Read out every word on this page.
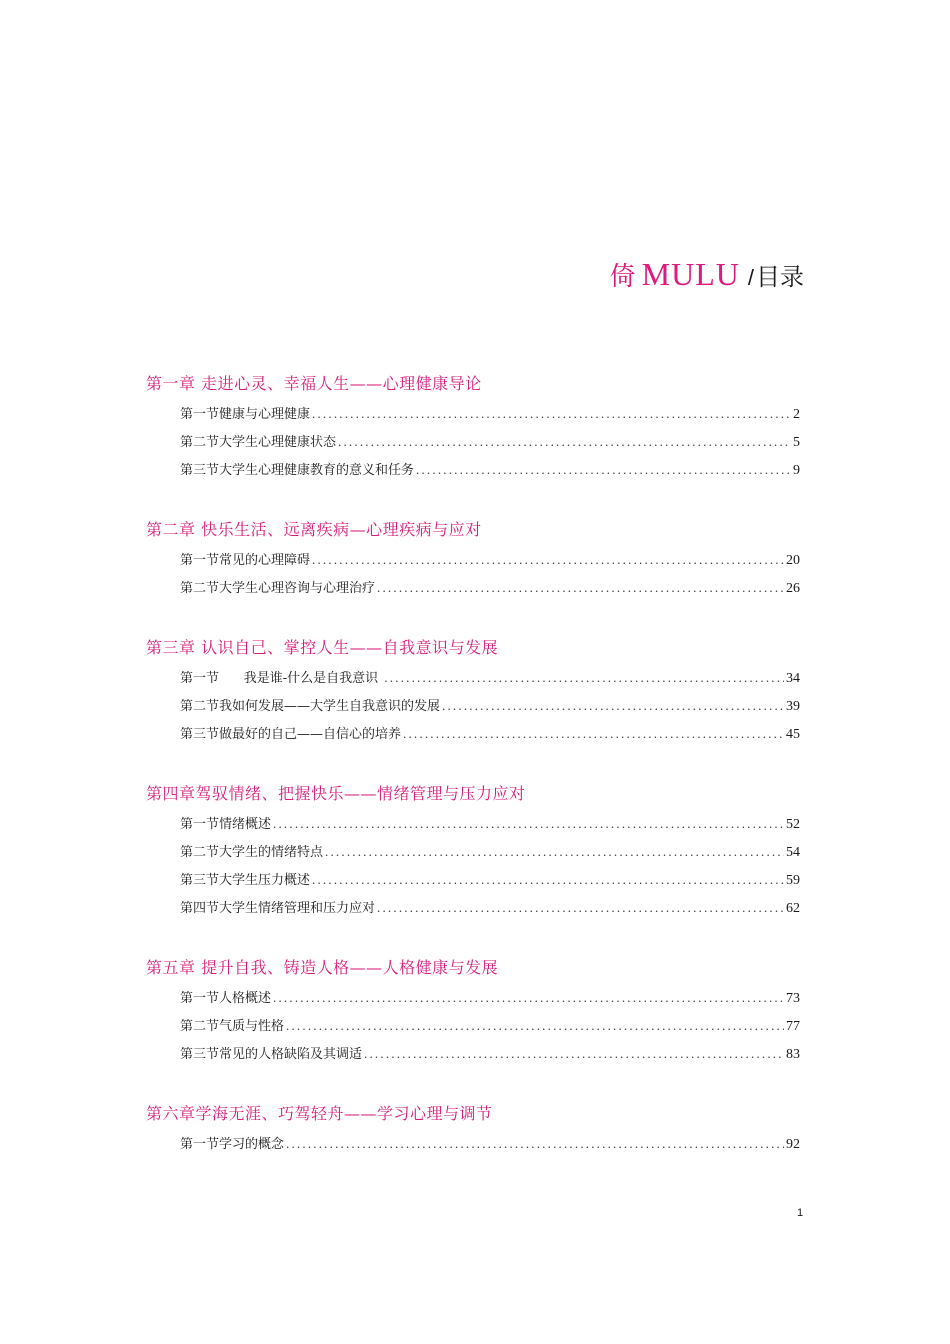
倚 MULU /目录
第一章 走进心灵、幸福人生——心理健康导论
第一节健康与心理健康 .....	2
第二节大学生心理健康状态 .....	5
第三节大学生心理健康教育的意义和任务 .....	9
第二章 快乐生活、远离疾病—心理疾病与应对
第一节常见的心理障碍 .....	20
第二节大学生心理咨询与心理治疗 .....	26
第三章 认识自己、掌控人生——自我意识与发展
第一节      我是谁-什么是自我意识 .....	34
第二节我如何发展——大学生自我意识的发展 .....	39
第三节做最好的自己——自信心的培养 .....	45
第四章驾驭情绪、把握快乐——情绪管理与压力应对
第一节情绪概述 .....	52
第二节大学生的情绪特点 .....	54
第三节大学生压力概述 .....	59
第四节大学生情绪管理和压力应对 .....	62
第五章 提升自我、铸造人格——人格健康与发展
第一节人格概述 .....	73
第二节气质与性格 .....	77
第三节常见的人格缺陷及其调适 .....	83
第六章学海无涯、巧驾轻舟——学习心理与调节
第一节学习的概念 .....	92
1
